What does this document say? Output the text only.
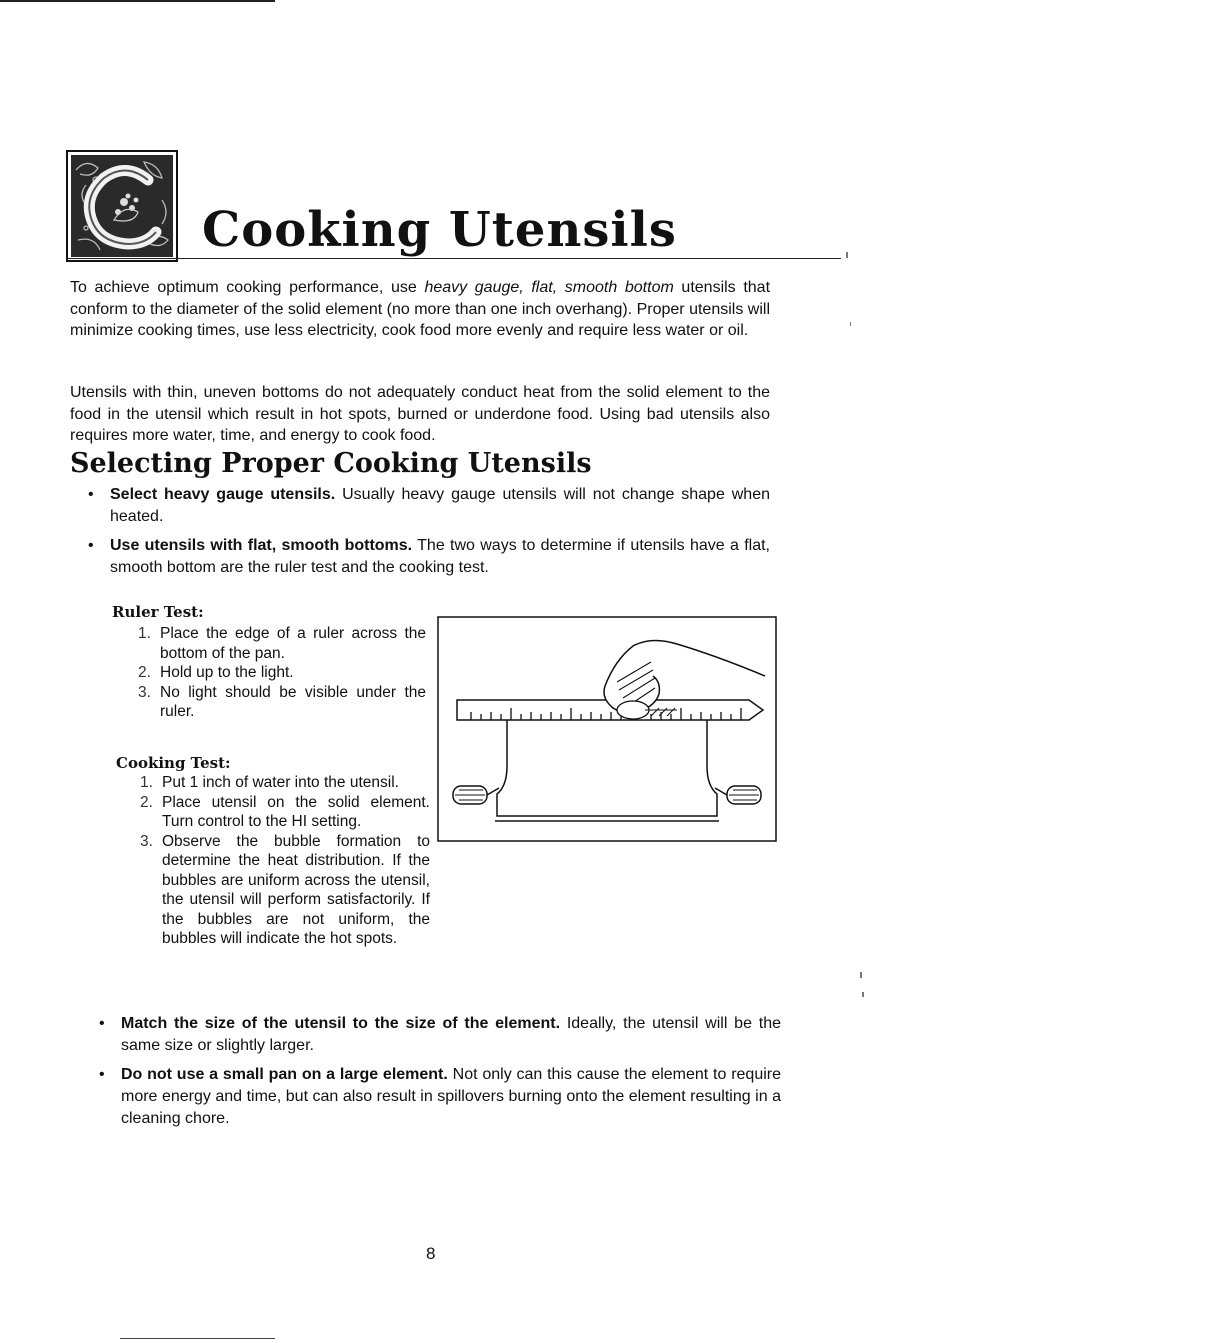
Cooking Utensils

To achieve optimum cooking performance, use heavy gauge, flat, smooth bottom utensils that conform to the diameter of the solid element (no more than one inch overhang). Proper utensils will minimize cooking times, use less electricity, cook food more evenly and require less water or oil.

Utensils with thin, uneven bottoms do not adequately conduct heat from the solid element to the food in the utensil which result in hot spots, burned or underdone food. Using bad utensils also requires more water, time, and energy to cook food.

Selecting Proper Cooking Utensils

• Select heavy gauge utensils. Usually heavy gauge utensils will not change shape when heated.

• Use utensils with flat, smooth bottoms. The two ways to determine if utensils have a flat, smooth bottom are the ruler test and the cooking test.

Ruler Test:
1. Place the edge of a ruler across the bottom of the pan.
2. Hold up to the light.
3. No light should be visible under the ruler.
Cooking Test:
1. Put 1 inch of water into the utensil.
2. Place utensil on the solid element. Turn control to the HI setting.
3. Observe the bubble formation to determine the heat distribution. If the bubbles are uniform across the utensil, the utensil will perform satisfactorily. If the bubbles are not uniform, the bubbles will indicate the hot spots.

• Match the size of the utensil to the size of the element. Ideally, the utensil will be the same size or slightly larger.

• Do not use a small pan on a large element. Not only can this cause the element to require more energy and time, but can also result in spillovers burning onto the element resulting in a cleaning chore.

8
